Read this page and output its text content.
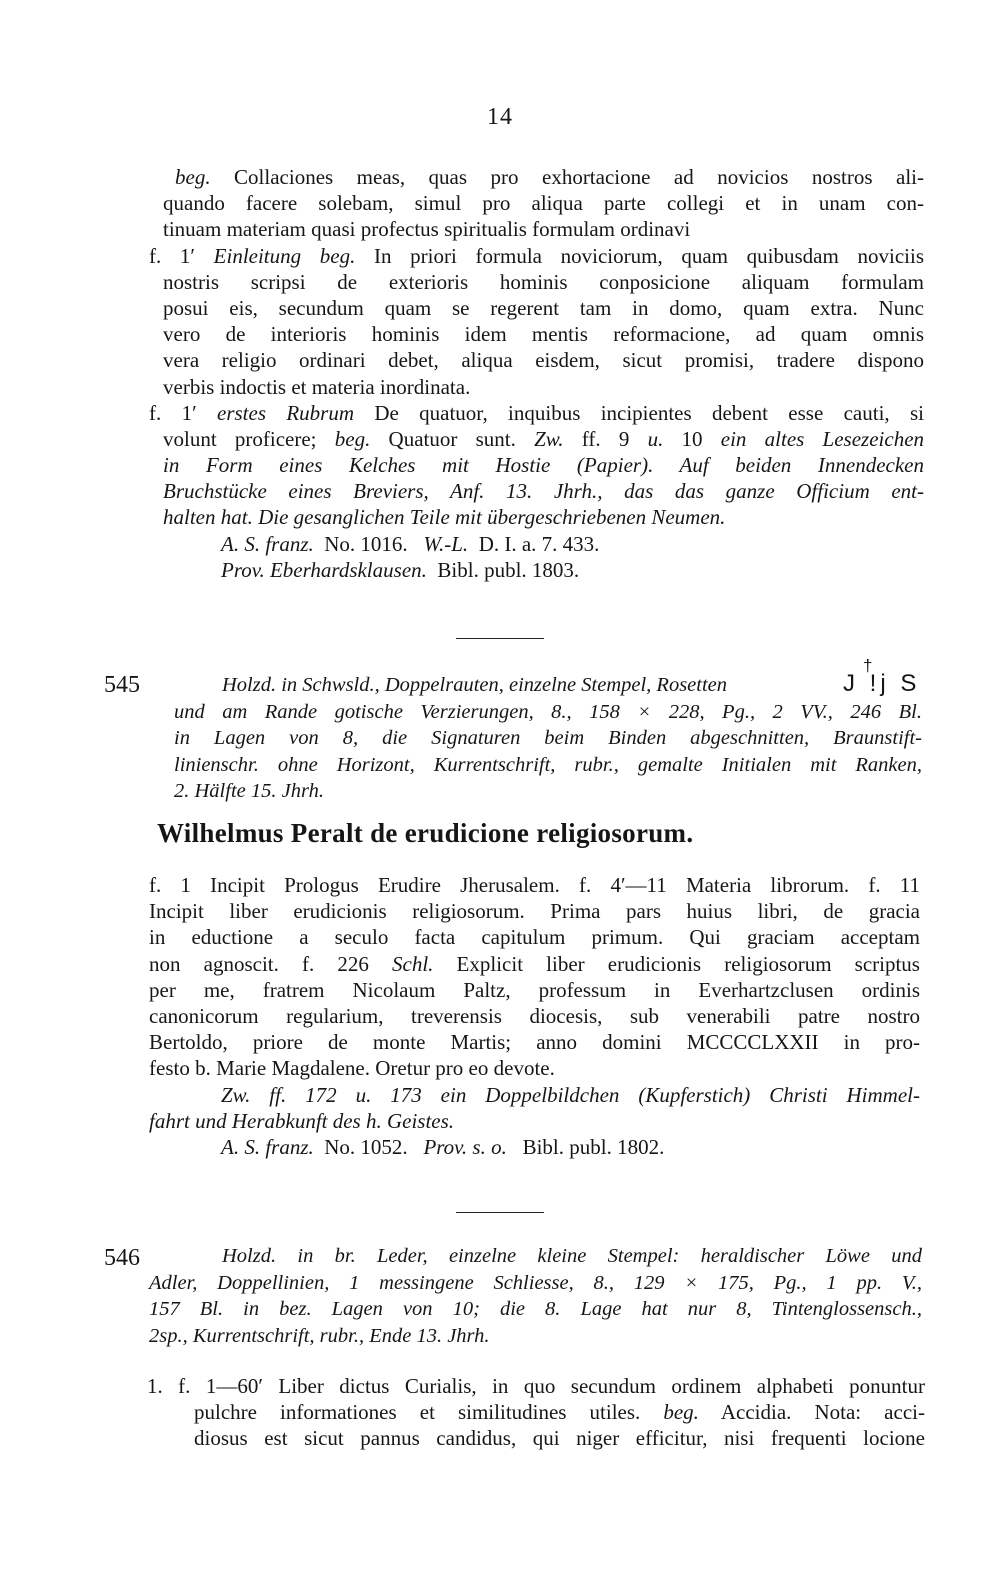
14
beg. Collaciones meas, quas pro exhortacione ad novicios nostros ali-
quando facere solebam, simul pro aliqua parte collegi et in unam con-
tinuam materiam quasi profectus spiritualis formulam ordinavi
f. 1′ Einleitung beg. In priori formula noviciorum, quam quibusdam noviciis
nostris scripsi de exterioris hominis conposicione aliquam formulam
posui eis, secundum quam se regerent tam in domo, quam extra. Nunc
vero de interioris hominis idem mentis reformacione, ad quam omnis
vera religio ordinari debet, aliqua eisdem, sicut promisi, tradere dispono
verbis indoctis et materia inordinata.
f. 1′ erstes Rubrum De quatuor, inquibus incipientes debent esse cauti, si
volunt proficere; beg. Quatuor sunt. Zw. ff. 9 u. 10 ein altes Lesezeichen
in Form eines Kelches mit Hostie (Papier). Auf beiden Innendecken
Bruchstücke eines Breviers, Anf. 13. Jhrh., das das ganze Officium ent-
halten hat. Die gesanglichen Teile mit übergeschriebenen Neumen.
A. S. franz. No. 1016. W.-L. D. I. a. 7. 433.
Prov. Eberhardsklausen. Bibl. publ. 1803.
545	Holzd. in Schwsld., Doppelrauten, einzelne Stempel, Rosetten
und am Rande gotische Verzierungen, 8., 158 × 228, Pg., 2 VV., 246 Bl.
in Lagen von 8, die Signaturen beim Binden abgeschnitten, Braunstift-
linienschr. ohne Horizont, Kurrentschrift, rubr., gemalte Initialen mit Ranken,
2. Hälfte 15. Jhrh.
†
J ǃj S
Wilhelmus Peralt de erudicione religiosorum.
f. 1 Incipit Prologus Erudire Jherusalem. f. 4′—11 Materia librorum. f. 11
Incipit liber erudicionis religiosorum. Prima pars huius libri, de gracia
in eductione a seculo facta capitulum primum. Qui graciam acceptam
non agnoscit. f. 226 Schl. Explicit liber erudicionis religiosorum scriptus
per me, fratrem Nicolaum Paltz, professum in Everhartzclusen ordinis
canonicorum regularium, treverensis diocesis, sub venerabili patre nostro
Bertoldo, priore de monte Martis; anno domini MCCCCLXXII in pro-
festo b. Marie Magdalene. Oretur pro eo devote.
Zw. ff. 172 u. 173 ein Doppelbildchen (Kupferstich) Christi Himmel-
fahrt und Herabkunft des h. Geistes.
A. S. franz. No. 1052. Prov. s. o. Bibl. publ. 1802.
546	Holzd. in br. Leder, einzelne kleine Stempel: heraldischer Löwe und
Adler, Doppellinien, 1 messingene Schliesse, 8., 129 × 175, Pg., 1 pp. V.,
157 Bl. in bez. Lagen von 10; die 8. Lage hat nur 8, Tintenglossensch.,
2sp., Kurrentschrift, rubr., Ende 13. Jhrh.
1. f. 1—60′ Liber dictus Curialis, in quo secundum ordinem alphabeti ponuntur
pulchre informationes et similitudines utiles. beg. Accidia. Nota: acci-
diosus est sicut pannus candidus, qui niger efficitur, nisi frequenti locione
